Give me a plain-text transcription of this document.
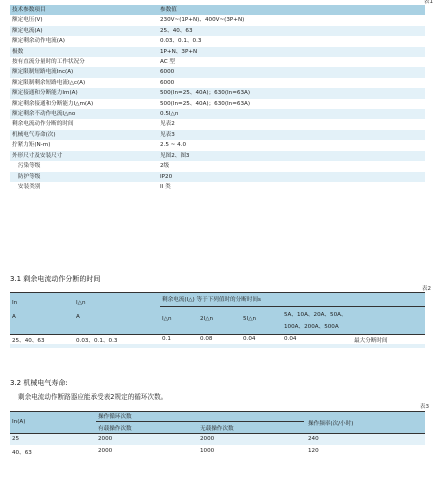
表1
技术参数项目	参数值
额定电压(V)	230V~(1P+N)、400V~(3P+N)
额定电流(A)	25、40、63
额定剩余动作电流(A)	0.03、0.1、0.3
极数	1P+N、3P+N
按有直流分量时的工作状况分	AC 型
额定限制短路电流Inc(A)	6000
额定限制剩余短路电流I△c(A)	6000
额定接通和分断能力Im(A)	500(In=25、40A)；630(In=63A)
额定剩余接通和分断能力I△m(A)	500(In=25、40A)；630(In=63A)
额定剩余不动作电流I△no	0.5I△n
剩余电流动作分断的时间	见表2
机械电气寿命(次)	见表3
拧紧力矩(N-m)	2.5 ~ 4.0
外形尺寸及安装尺寸	见图2、图3
污染等级	2级
防护等级	IP20
安装类别	II 类
3.1 剩余电流动作分断的时间
表2
In
A
I△n
A
剩余电流(I△) 等于下列值时的分断时间s
I△n	2I△n	5I△n
5A、10A、20A、50A、
100A、200A、500A
25、40、63	0.03、0.1、0.3	0.1	0.08	0.04	0.04	最大分断时间
3.2 机械电气寿命:
剩余电流动作断路器应能承受表2规定的循环次数。
表3
In(A)
操作循环次数
有载操作次数	无载操作次数
操作频率(次/小时)
25	2000	2000	240
40、63	2000	1000	120
